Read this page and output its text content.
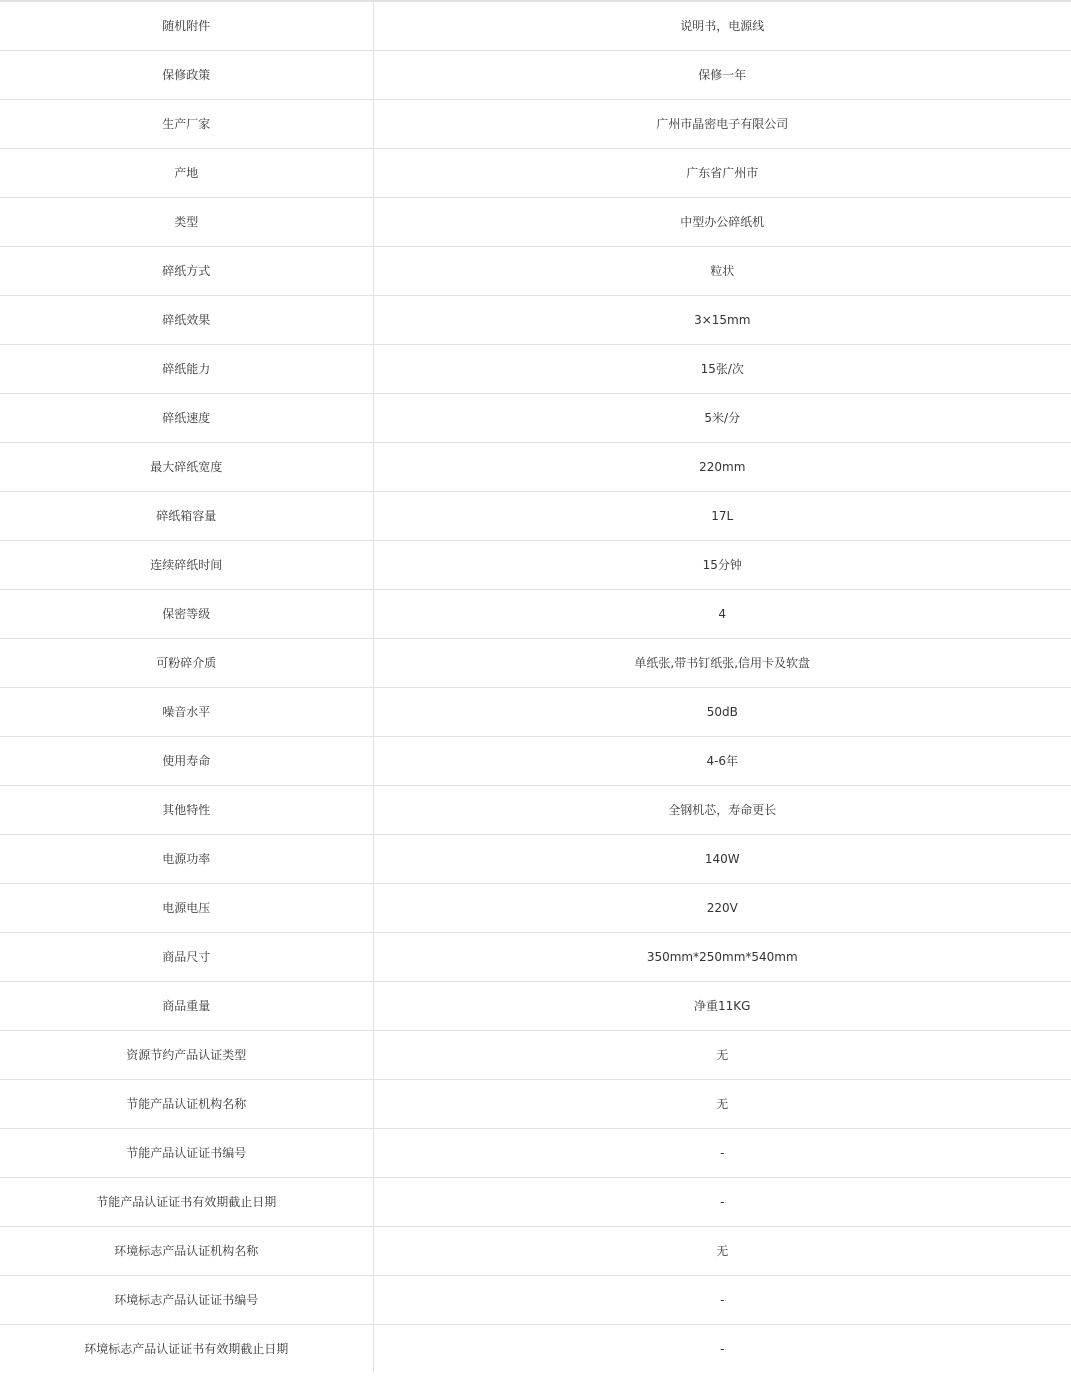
随机附件	说明书，电源线
保修政策	保修一年
生产厂家	广州市晶密电子有限公司
产地	广东省广州市
类型	中型办公碎纸机
碎纸方式	粒状
碎纸效果	3×15mm
碎纸能力	15张/次
碎纸速度	5米/分
最大碎纸宽度	220mm
碎纸箱容量	17L
连续碎纸时间	15分钟
保密等级	4
可粉碎介质	单纸张,带书钉纸张,信用卡及软盘
噪音水平	50dB
使用寿命	4-6年
其他特性	全钢机芯，寿命更长
电源功率	140W
电源电压	220V
商品尺寸	350mm*250mm*540mm
商品重量	净重11KG
资源节约产品认证类型	无
节能产品认证机构名称	无
节能产品认证证书编号	-
节能产品认证证书有效期截止日期	-
环境标志产品认证机构名称	无
环境标志产品认证证书编号	-
环境标志产品认证证书有效期截止日期	-
